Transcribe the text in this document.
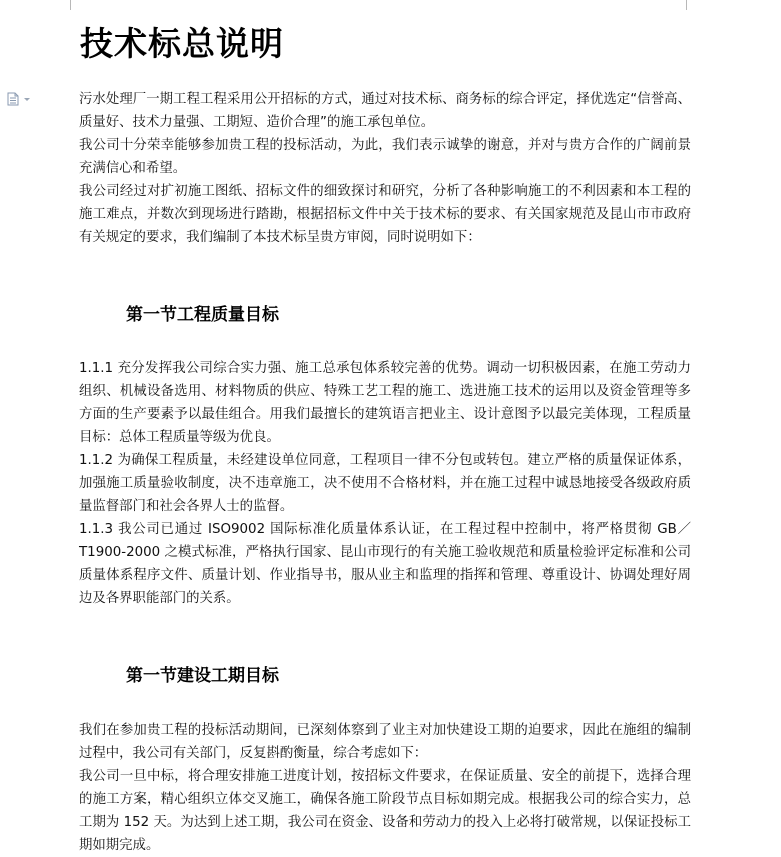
技术标总说明

污水处理厂一期工程工程采用公开招标的方式，通过对技术标、商务标的综合评定，择优选定“信誉高、质量好、技术力量强、工期短、造价合理”的施工承包单位。

我公司十分荣幸能够参加贵工程的投标活动，为此，我们表示诚挚的谢意，并对与贵方合作的广阔前景充满信心和希望。

我公司经过对扩初施工图纸、招标文件的细致探讨和研究，分析了各种影响施工的不利因素和本工程的施工难点，并数次到现场进行踏勘，根据招标文件中关于技术标的要求、有关国家规范及昆山市市政府有关规定的要求，我们编制了本技术标呈贵方审阅，同时说明如下：

第一节工程质量目标

1.1.1 充分发挥我公司综合实力强、施工总承包体系较完善的优势。调动一切积极因素，在施工劳动力组织、机械设备选用、材料物质的供应、特殊工艺工程的施工、选进施工技术的运用以及资金管理等多方面的生产要素予以最佳组合。用我们最擅长的建筑语言把业主、设计意图予以最完美体现，工程质量目标：总体工程质量等级为优良。

1.1.2 为确保工程质量，未经建设单位同意，工程项目一律不分包或转包。建立严格的质量保证体系，加强施工质量验收制度，决不违章施工，决不使用不合格材料，并在施工过程中诚恳地接受各级政府质量监督部门和社会各界人士的监督。

1.1.3 我公司已通过 ISO9002 国际标准化质量体系认证，在工程过程中控制中，将严格贯彻 GB／T1900-2000 之模式标准，严格执行国家、昆山市现行的有关施工验收规范和质量检验评定标准和公司质量体系程序文件、质量计划、作业指导书，服从业主和监理的指挥和管理、尊重设计、协调处理好周边及各界职能部门的关系。

第一节建设工期目标

我们在参加贵工程的投标活动期间，已深刻体察到了业主对加快建设工期的迫要求，因此在施组的编制过程中，我公司有关部门，反复斟酌衡量，综合考虑如下：

我公司一旦中标，将合理安排施工进度计划，按招标文件要求，在保证质量、安全的前提下，选择合理的施工方案，精心组织立体交叉施工，确保各施工阶段节点目标如期完成。根据我公司的综合实力，总工期为 152 天。为达到上述工期，我公司在资金、设备和劳动力的投入上必将打破常规，以保证投标工期如期完成。
